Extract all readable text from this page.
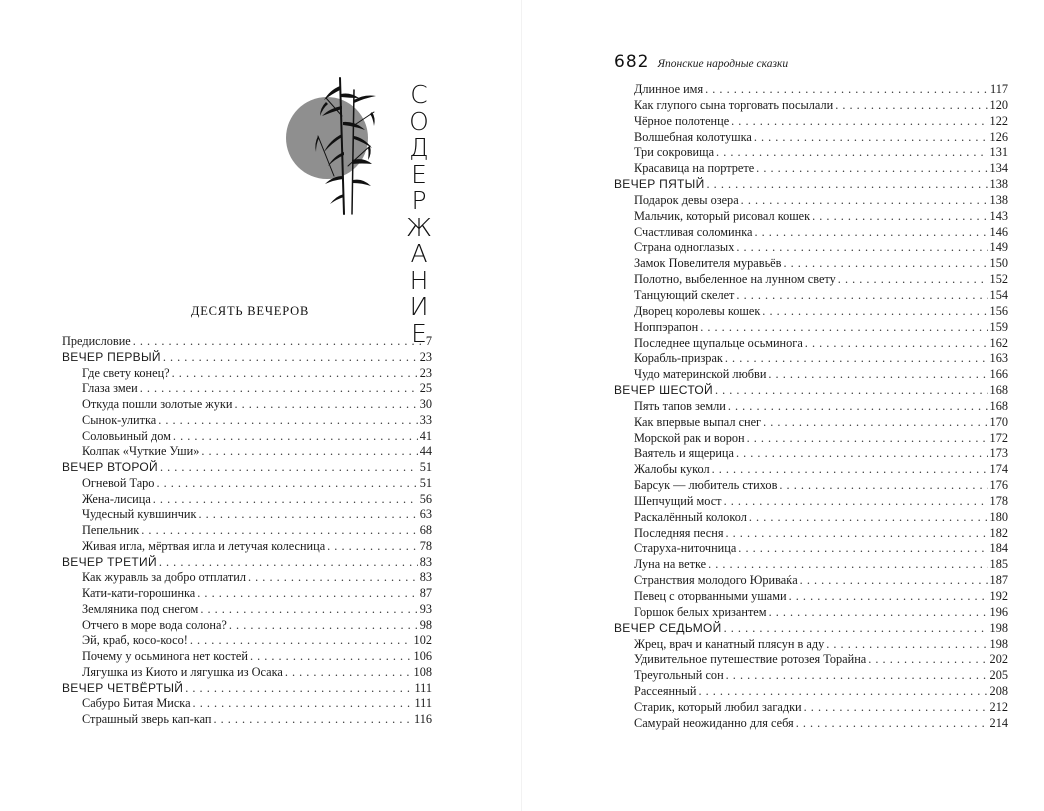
С
О
Д
Е
Р
Ж
А
Н
И
Е
ДЕСЯТЬ ВЕЧЕРОВ
Предисловие . . .	7
ВЕЧЕР ПЕРВЫЙ . . .	23
Где свету конец? . . .	23
Глаза змеи . . .	25
Откуда пошли золотые жуки . . .	30
Сынок-улитка . . .	33
Соловьиный дом . . .	41
Колпак «Чуткие Уши» . . .	44
ВЕЧЕР ВТОРОЙ . . .	51
Огневой Таро . . .	51
Жена-лисица . . .	56
Чудесный кувшинчик . . .	63
Пепельник . . .	68
Живая игла, мёртвая игла и летучая колесница . . .	78
ВЕЧЕР ТРЕТИЙ . . .	83
Как журавль за добро отплатил . . .	83
Кати-кати-горошинка . . .	87
Земляника под снегом . . .	93
Отчего в море вода солона? . . .	98
Эй, краб, косо-косо! . . .	102
Почему у осьминога нет костей . . .	106
Лягушка из Киото и лягушка из Осака . . .	108
ВЕЧЕР ЧЕТВЁРТЫЙ . . .	111
Сабуро Битая Миска . . .	111
Страшный зверь кап-кап . . .	116
682 Японские народные сказки
Длинное имя . . .	117
Как глупого сына торговать посылали . . .	120
Чёрное полотенце . . .	122
Волшебная колотушка . . .	126
Три сокровища . . .	131
Красавица на портрете . . .	134
ВЕЧЕР ПЯТЫЙ . . .	138
Подарок девы озера . . .	138
Мальчик, который рисовал кошек . . .	143
Счастливая соломинка . . .	146
Страна одноглазых . . .	149
Замок Повелителя муравьёв . . .	150
Полотно, выбеленное на лунном свету . . .	152
Танцующий скелет . . .	154
Дворец королевы кошек . . .	156
Ноппэрапон . . .	159
Последнее щупальце осьминога . . .	162
Корабль-призрак . . .	163
Чудо материнской любви . . .	166
ВЕЧЕР ШЕСТОЙ . . .	168
Пять тапов земли . . .	168
Как впервые выпал снег . . .	170
Морской рак и ворон . . .	172
Ваятель и ящерица . . .	173
Жалобы кукол . . .	174
Барсук — любитель стихов . . .	176
Шепчущий мост . . .	178
Раскалённый колокол . . .	180
Последняя песня . . .	182
Старуха-ниточница . . .	184
Луна на ветке . . .	185
Странствия молодого Юриваќа . . .	187
Певец с оторванными ушами . . .	192
Горшок белых хризантем . . .	196
ВЕЧЕР СЕДЬМОЙ . . .	198
Жрец, врач и канатный плясун в аду . . .	198
Удивительное путешествие ротозея Торайна . . .	202
Треугольный сон . . .	205
Рассеянный . . .	208
Старик, который любил загадки . . .	212
Самурай неожиданно для себя . . .	214
